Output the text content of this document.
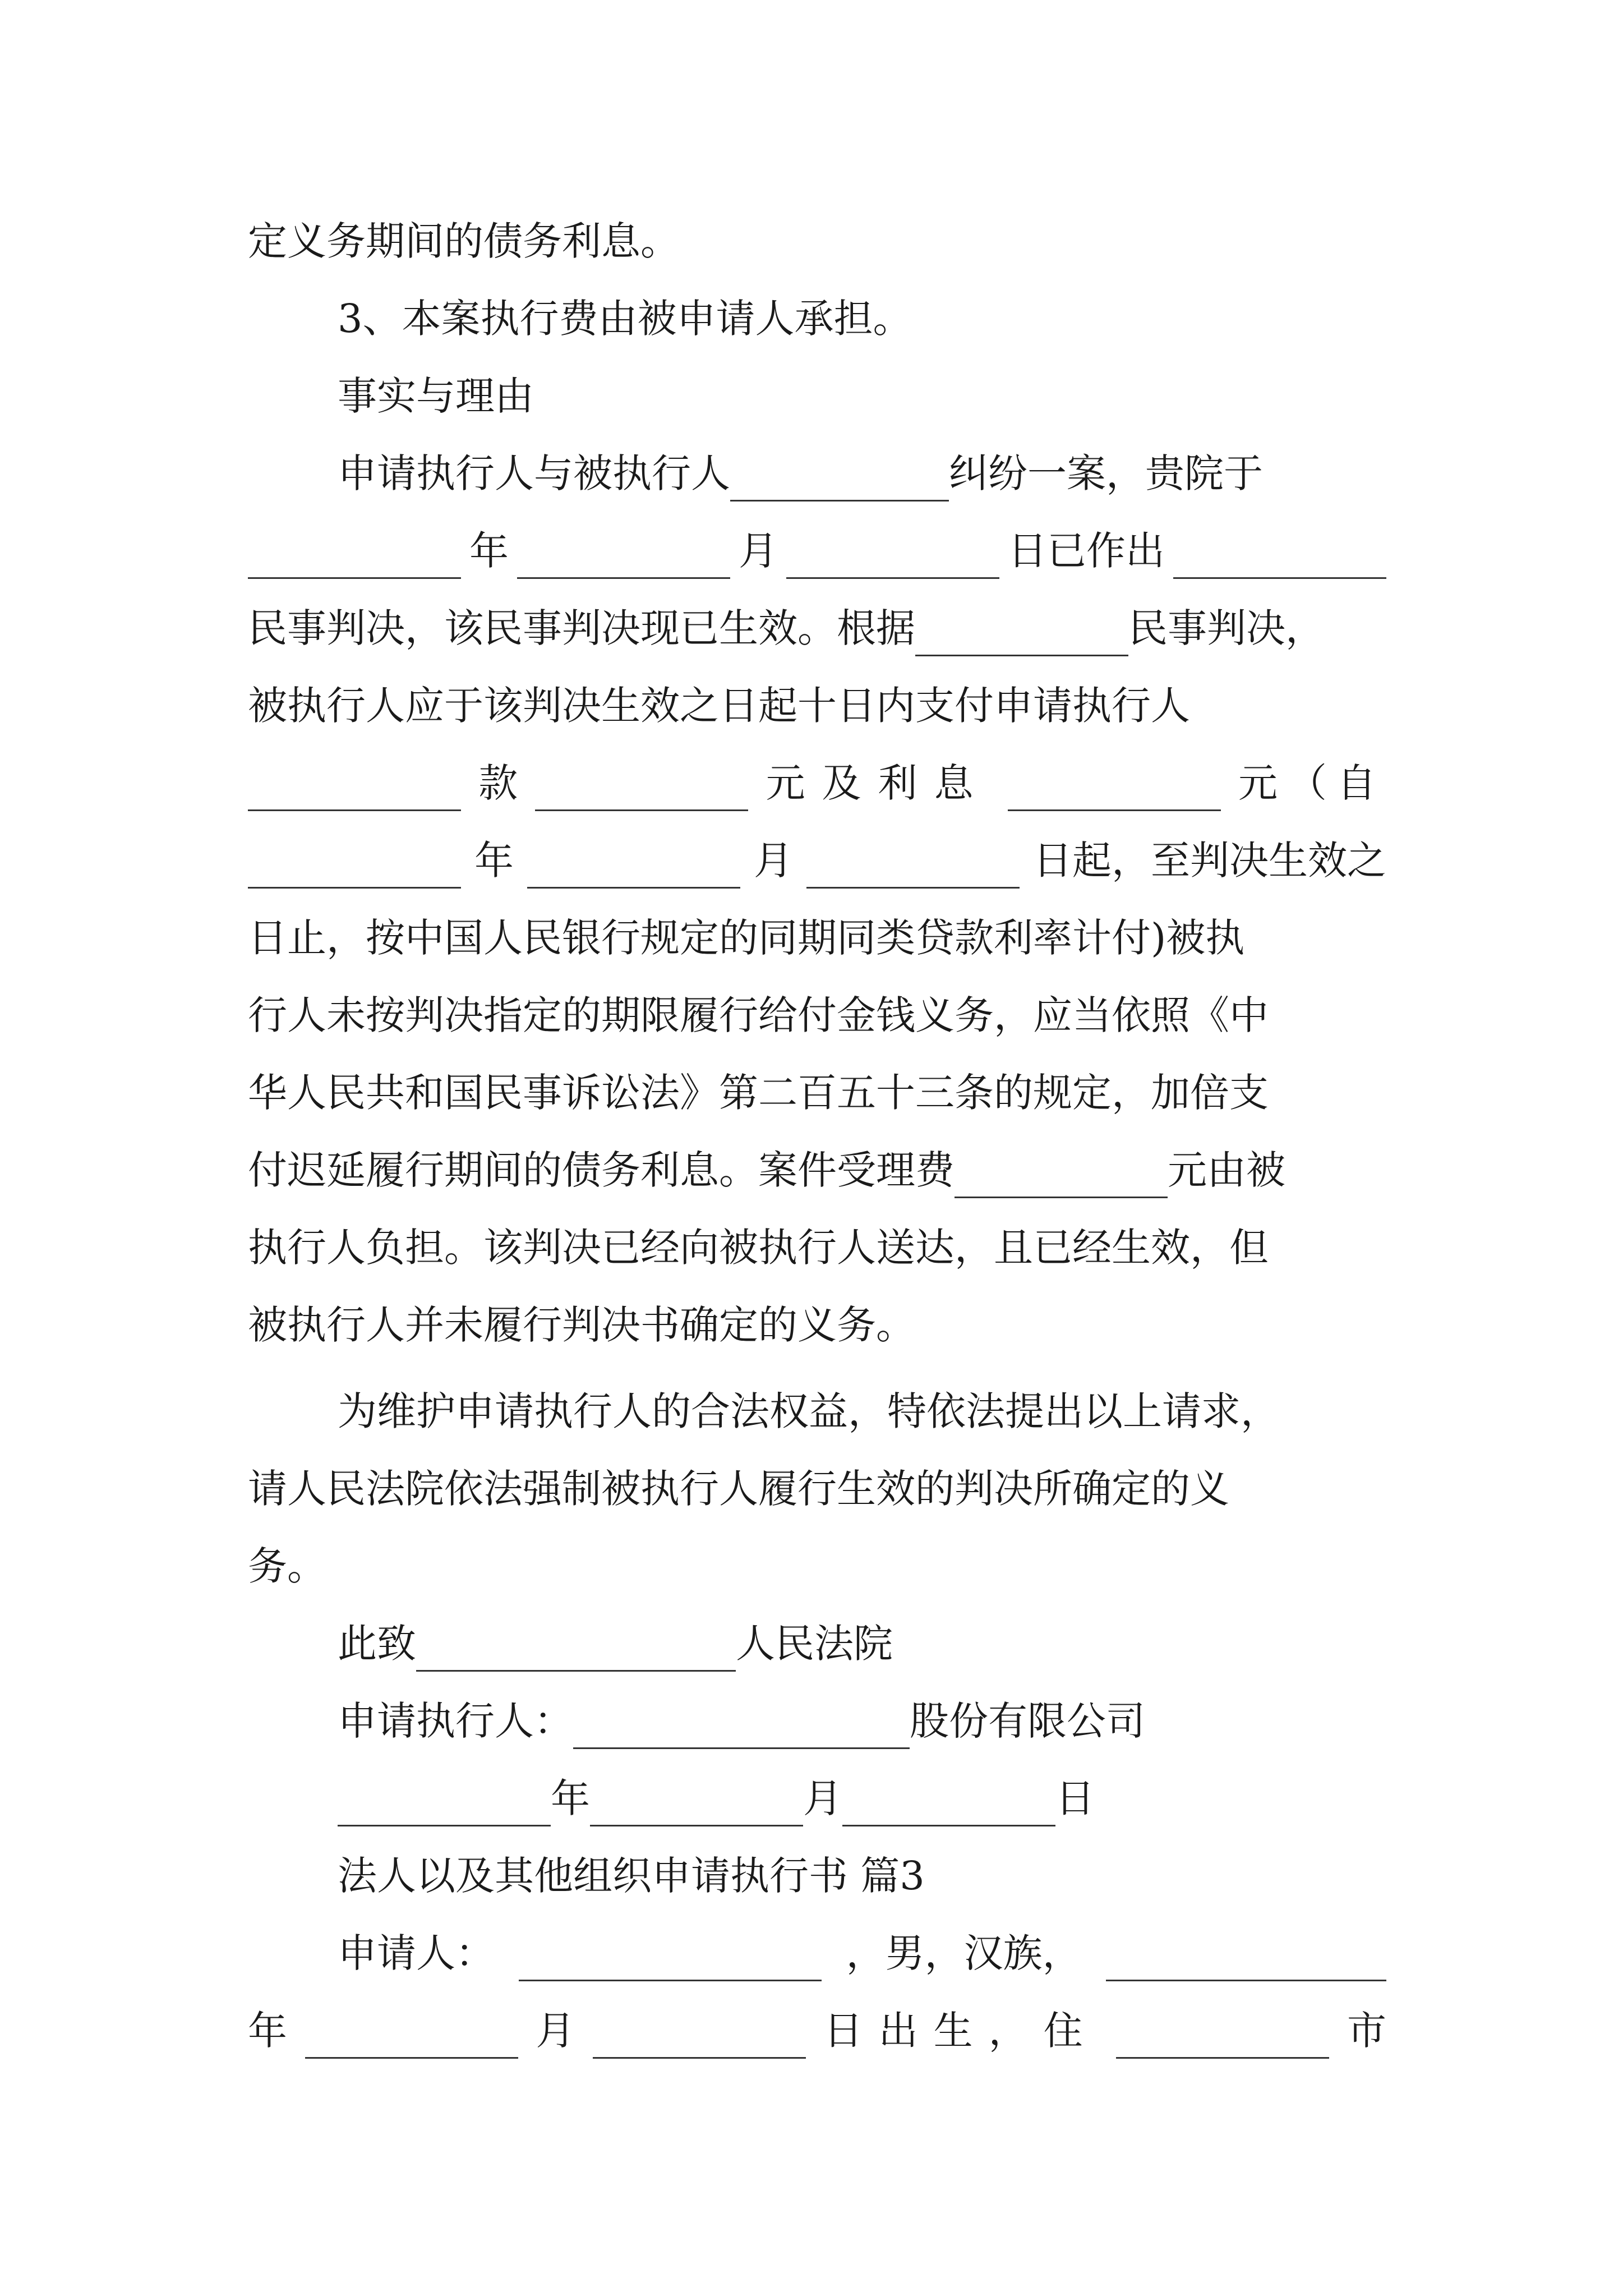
定义务期间的债务利息。
3、本案执行费由被申请人承担。
事实与理由
申请执行人与被执行人	纠纷一案，贵院于
年	月	日已作出
民事判决，该民事判决现已生效。根据	民事判决，
被执行人应于该判决生效之日起十日内支付申请执行人
款	元及利息	元（自
年	月	日起，至判决生效之
日止，按中国人民银行规定的同期同类贷款利率计付)被执
行人未按判决指定的期限履行给付金钱义务，应当依照《中
华人民共和国民事诉讼法》第二百五十三条的规定，加倍支
付迟延履行期间的债务利息。案件受理费	元由被
执行人负担。该判决已经向被执行人送达，且已经生效，但
被执行人并未履行判决书确定的义务。
为维护申请执行人的合法权益，特依法提出以上请求，
请人民法院依法强制被执行人履行生效的判决所确定的义
务。
此致	人民法院
申请执行人：	股份有限公司
年	月	日
法人以及其他组织申请执行书 篇3
申请人：	，男，汉族，
年	月	日出生，住	市
